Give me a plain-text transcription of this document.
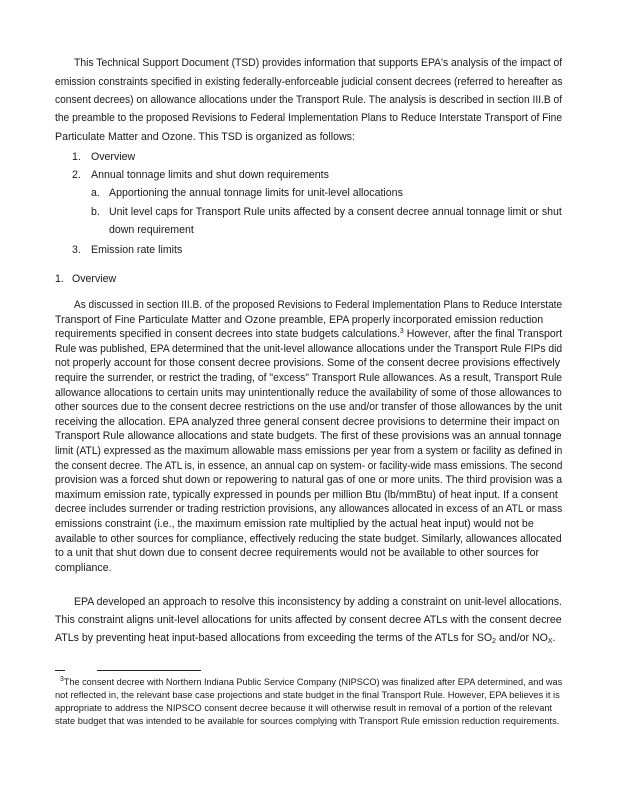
This Technical Support Document (TSD) provides information that supports EPA's analysis of the impact of
emission constraints specified in existing federally-enforceable judicial consent decrees (referred to hereafter as
consent decrees) on allowance allocations under the Transport Rule. The analysis is described in section III.B of
the preamble to the proposed Revisions to Federal Implementation Plans to Reduce Interstate Transport of Fine
Particulate Matter and Ozone. This TSD is organized as follows:
1. Overview
2. Annual tonnage limits and shut down requirements
a. Apportioning the annual tonnage limits for unit-level allocations
b. Unit level caps for Transport Rule units affected by a consent decree annual tonnage limit or shut
down requirement
3. Emission rate limits
1. Overview
As discussed in section III.B. of the proposed Revisions to Federal Implementation Plans to Reduce Interstate
Transport of Fine Particulate Matter and Ozone preamble, EPA properly incorporated emission reduction
requirements specified in consent decrees into state budgets calculations.$^3$ However, after the final Transport
Rule was published, EPA determined that the unit-level allowance allocations under the Transport Rule FIPs did
not properly account for those consent decree provisions. Some of the consent decree provisions effectively
require the surrender, or restrict the trading, of "excess" Transport Rule allowances. As a result, Transport Rule
allowance allocations to certain units may unintentionally reduce the availability of some of those allowances to
other sources due to the consent decree restrictions on the use and/or transfer of those allowances by the unit
receiving the allocation. EPA analyzed three general consent decree provisions to determine their impact on
Transport Rule allowance allocations and state budgets. The first of these provisions was an annual tonnage
limit (ATL) expressed as the maximum allowable mass emissions per year from a system or facility as defined in
the consent decree. The ATL is, in essence, an annual cap on system- or facility-wide mass emissions. The second
provision was a forced shut down or repowering to natural gas of one or more units. The third provision was a
maximum emission rate, typically expressed in pounds per million Btu (lb/mmBtu) of heat input. If a consent
decree includes surrender or trading restriction provisions, any allowances allocated in excess of an ATL or mass
emissions constraint (i.e., the maximum emission rate multiplied by the actual heat input) would not be
available to other sources for compliance, effectively reducing the state budget. Similarly, allowances allocated
to a unit that shut down due to consent decree requirements would not be available to other sources for
compliance.
EPA developed an approach to resolve this inconsistency by adding a constraint on unit-level allocations.
This constraint aligns unit-level allocations for units affected by consent decree ATLs with the consent decree
ATLs by preventing heat input-based allocations from exceeding the terms of the ATLs for $SO_2$ and/or $NO_X$.
$^3$The consent decree with Northern Indiana Public Service Company (NIPSCO) was finalized after EPA determined, and was
not reflected in, the relevant base case projections and state budget in the final Transport Rule. However, EPA believes it is
appropriate to address the NIPSCO consent decree because it will otherwise result in removal of a portion of the relevant
state budget that was intended to be available for sources complying with Transport Rule emission reduction requirements.
